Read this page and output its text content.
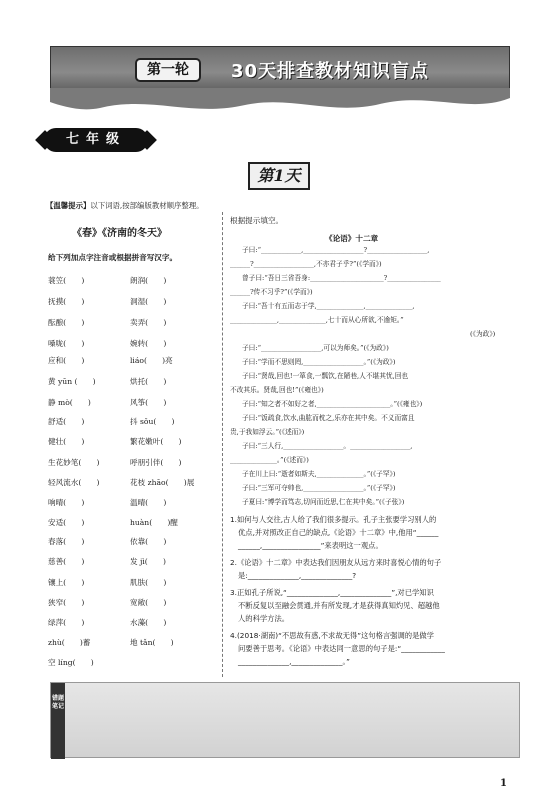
第一轮	30天排查教材知识盲点
七年级(上)
第1天
【温馨提示】以下词语,按部编版教材顺序整理。
《春》《济南的冬天》
给下列加点字注音或根据拼音写汉字。
蓑笠(　　)
抚摸(　　)
酝酿(　　)
嗓咙(　　)
应和(　　)
黄 yūn (　　)
静 mò(　　)
舒适(　　)
健壮(　　)
生花妙笔(　　)
轻风流水(　　)
响晴(　　)
安适(　　)
春落(　　)
慈善(　　)
镶上(　　)
狭窄(　　)
绿萍(　　)
zhù(　　)蓄
空 líng(　　)
朗润(　　)
洞湿(　　)
卖弄(　　)
婉转(　　)
liáo(　　)亮
烘托(　　)
风筝(　　)
抖 sǒu(　　)
繁花嫩叶(　　)
呼朋引伴(　　)
花枝 zhāo(　　)展
温晴(　　)
huàn(　　)醒
依靠(　　)
发 jì(　　)
肌肤(　　)
宽敞(　　)
水藻(　　)
地 tǎn(　　)
根据提示填空。
《论语》十二章
子曰:“____________,__________________?__________________,
______?__________________,不亦君子乎?”(《学而》)
曾子曰:“吾日三省吾身:______________________?________________
______?传不习乎?”(《学而》)
子曰:“吾十有五而志于学,______________,______________,
______________,______________,七十而从心所欲,不逾矩。”
(《为政》)
子曰:“__________________,可以为师矣。”(《为政》)
子曰:“学而不思则罔,__________________。”(《为政》)
子曰:“贤哉,回也!一箪食,一瓢饮,在陋巷,人不堪其忧,回也
不改其乐。贤哉,回也!”(《雍也》)
子曰:“知之者不如好之者,______________________。”(《雍也》)
子曰:“饭疏食,饮水,曲肱而枕之,乐亦在其中矣。不义而富且
贵,于我如浮云。”(《述而》)
子曰:“三人行,__________________。__________________,
______________。”(《述而》)
子在川上曰:“逝者如斯夫,______________。”(《子罕》)
子曰:“三军可夺帅也,__________________。”(《子罕》)
子夏曰:“博学而笃志,切问而近思,仁在其中矣。”(《子张》)
1.如何与人交往,古人给了我们很多提示。孔子主张要学习别人的
优点,并对照改正自己的缺点,《论语》十二章》中,他用“______
______,________________”来表明这一观点。
2.《论语》十二章》中表达我们因朋友从远方来时喜悦心情的句子
是:______________,______________?
3.正如孔子所说,“______________,______________”,对已学知识
不断反复以至融会贯通,并有所发现,才是获得真知灼见、超越他
人的科学方法。
4.(2018·湖南)“不思故有惑,不求故无得”这句格言强调的是做学
问要善于思考。《论语》中表达同一意思的句子是:“____________
______________,______________。”
错题笔记
1
